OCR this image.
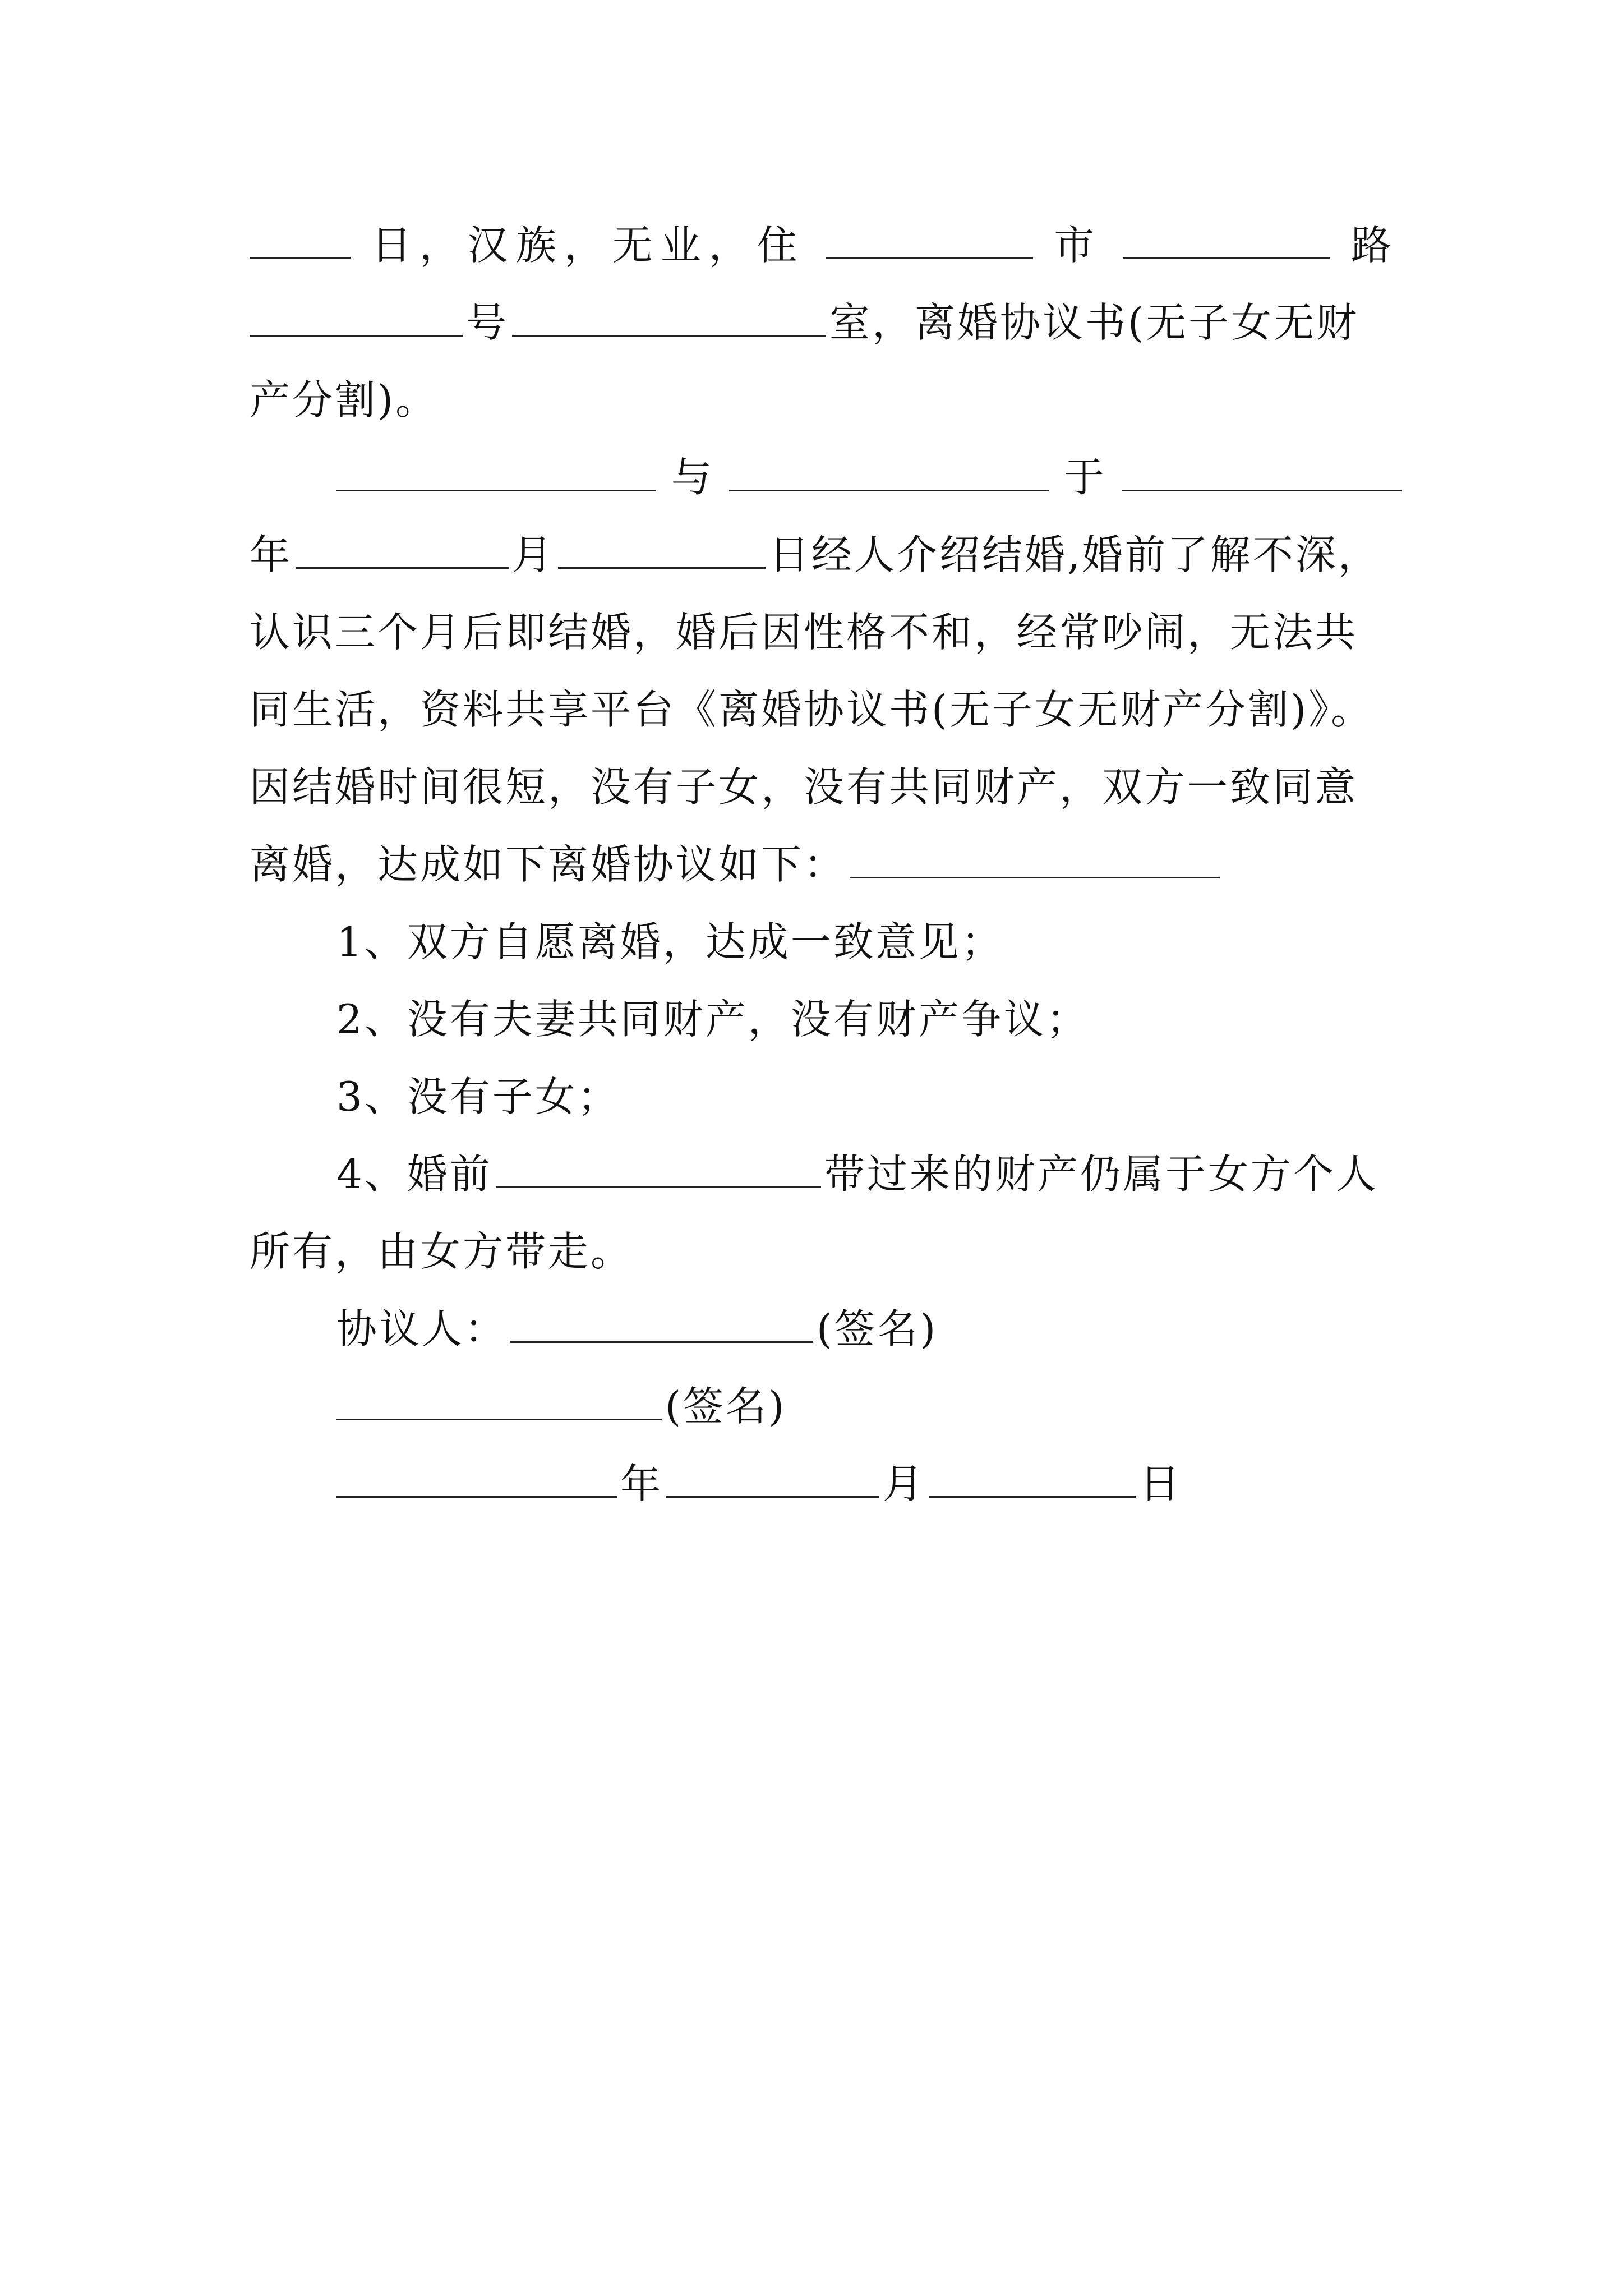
日，汉族，无业，住	市	路
号	室，离婚协议书(无子女无财
产分割)。
与	于
年	月	日经人介绍结婚,婚前了解不深，
认识三个月后即结婚，婚后因性格不和，经常吵闹，无法共
同生活，资料共享平台《离婚协议书(无子女无财产分割)》。
因结婚时间很短，没有子女，没有共同财产，双方一致同意
离婚，达成如下离婚协议如下：
1、双方自愿离婚，达成一致意见；
2、没有夫妻共同财产，没有财产争议；
3、没有子女；
4、婚前	带过来的财产仍属于女方个人
所有，由女方带走。
协议人：	(签名)
(签名)
年	月	日
